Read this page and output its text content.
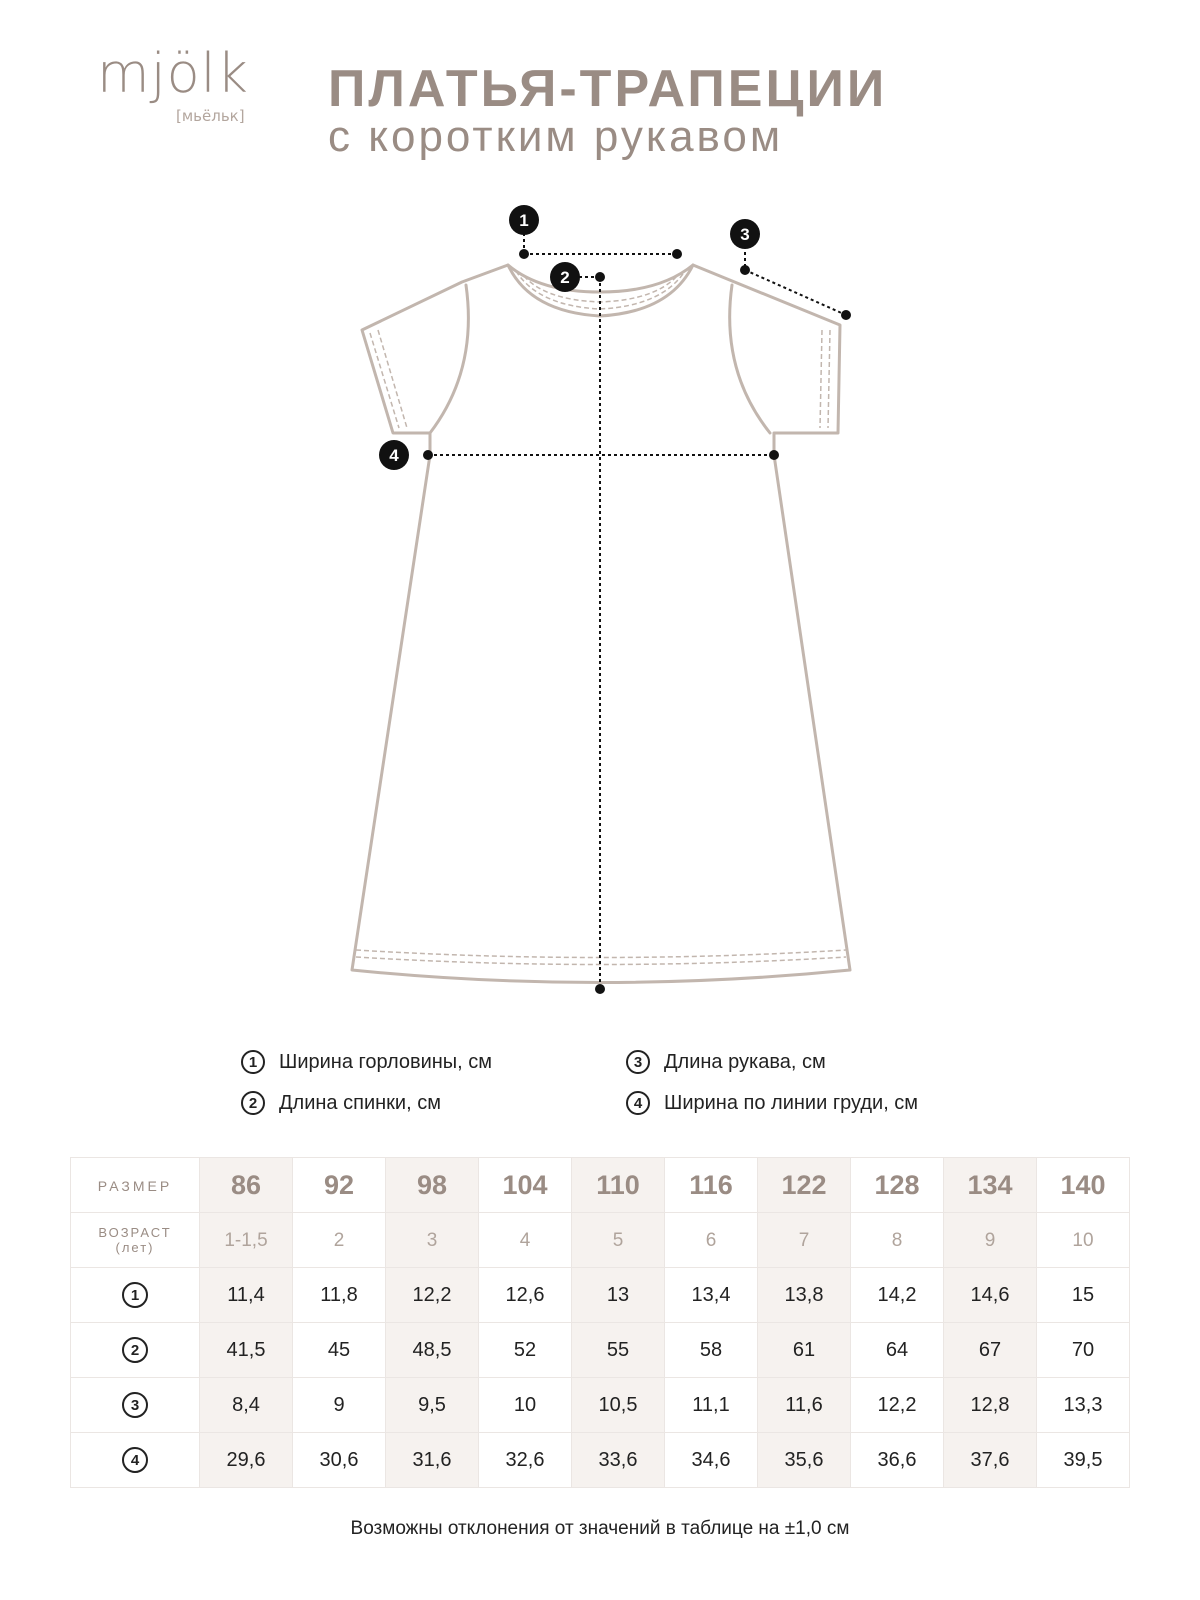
mjölk
[мьёльк] ПЛАТЬЯ-ТРАПЕЦИИ
с коротким рукавом
1
2
3
4
1	Ширина горловины, см
2	Длина спинки, см
3	Длина рукава, см
4	Ширина по линии груди, см
РАЗМЕР	86	92	98	104	110	116	122	128	134	140

ВОЗРАСТ
(лет)	1-1,5	2	3	4	5	6	7	8	9	10
1	11,4	11,8	12,2	12,6	13	13,4	13,8	14,2	14,6	15
2	41,5	45	48,5	52	55	58	61	64	67	70
3	8,4	9	9,5	10	10,5	11,1	11,6	12,2	12,8	13,3
4	29,6	30,6	31,6	32,6	33,6	34,6	35,6	36,6	37,6	39,5
Возможны отклонения от значений в таблице на ±1,0 см
